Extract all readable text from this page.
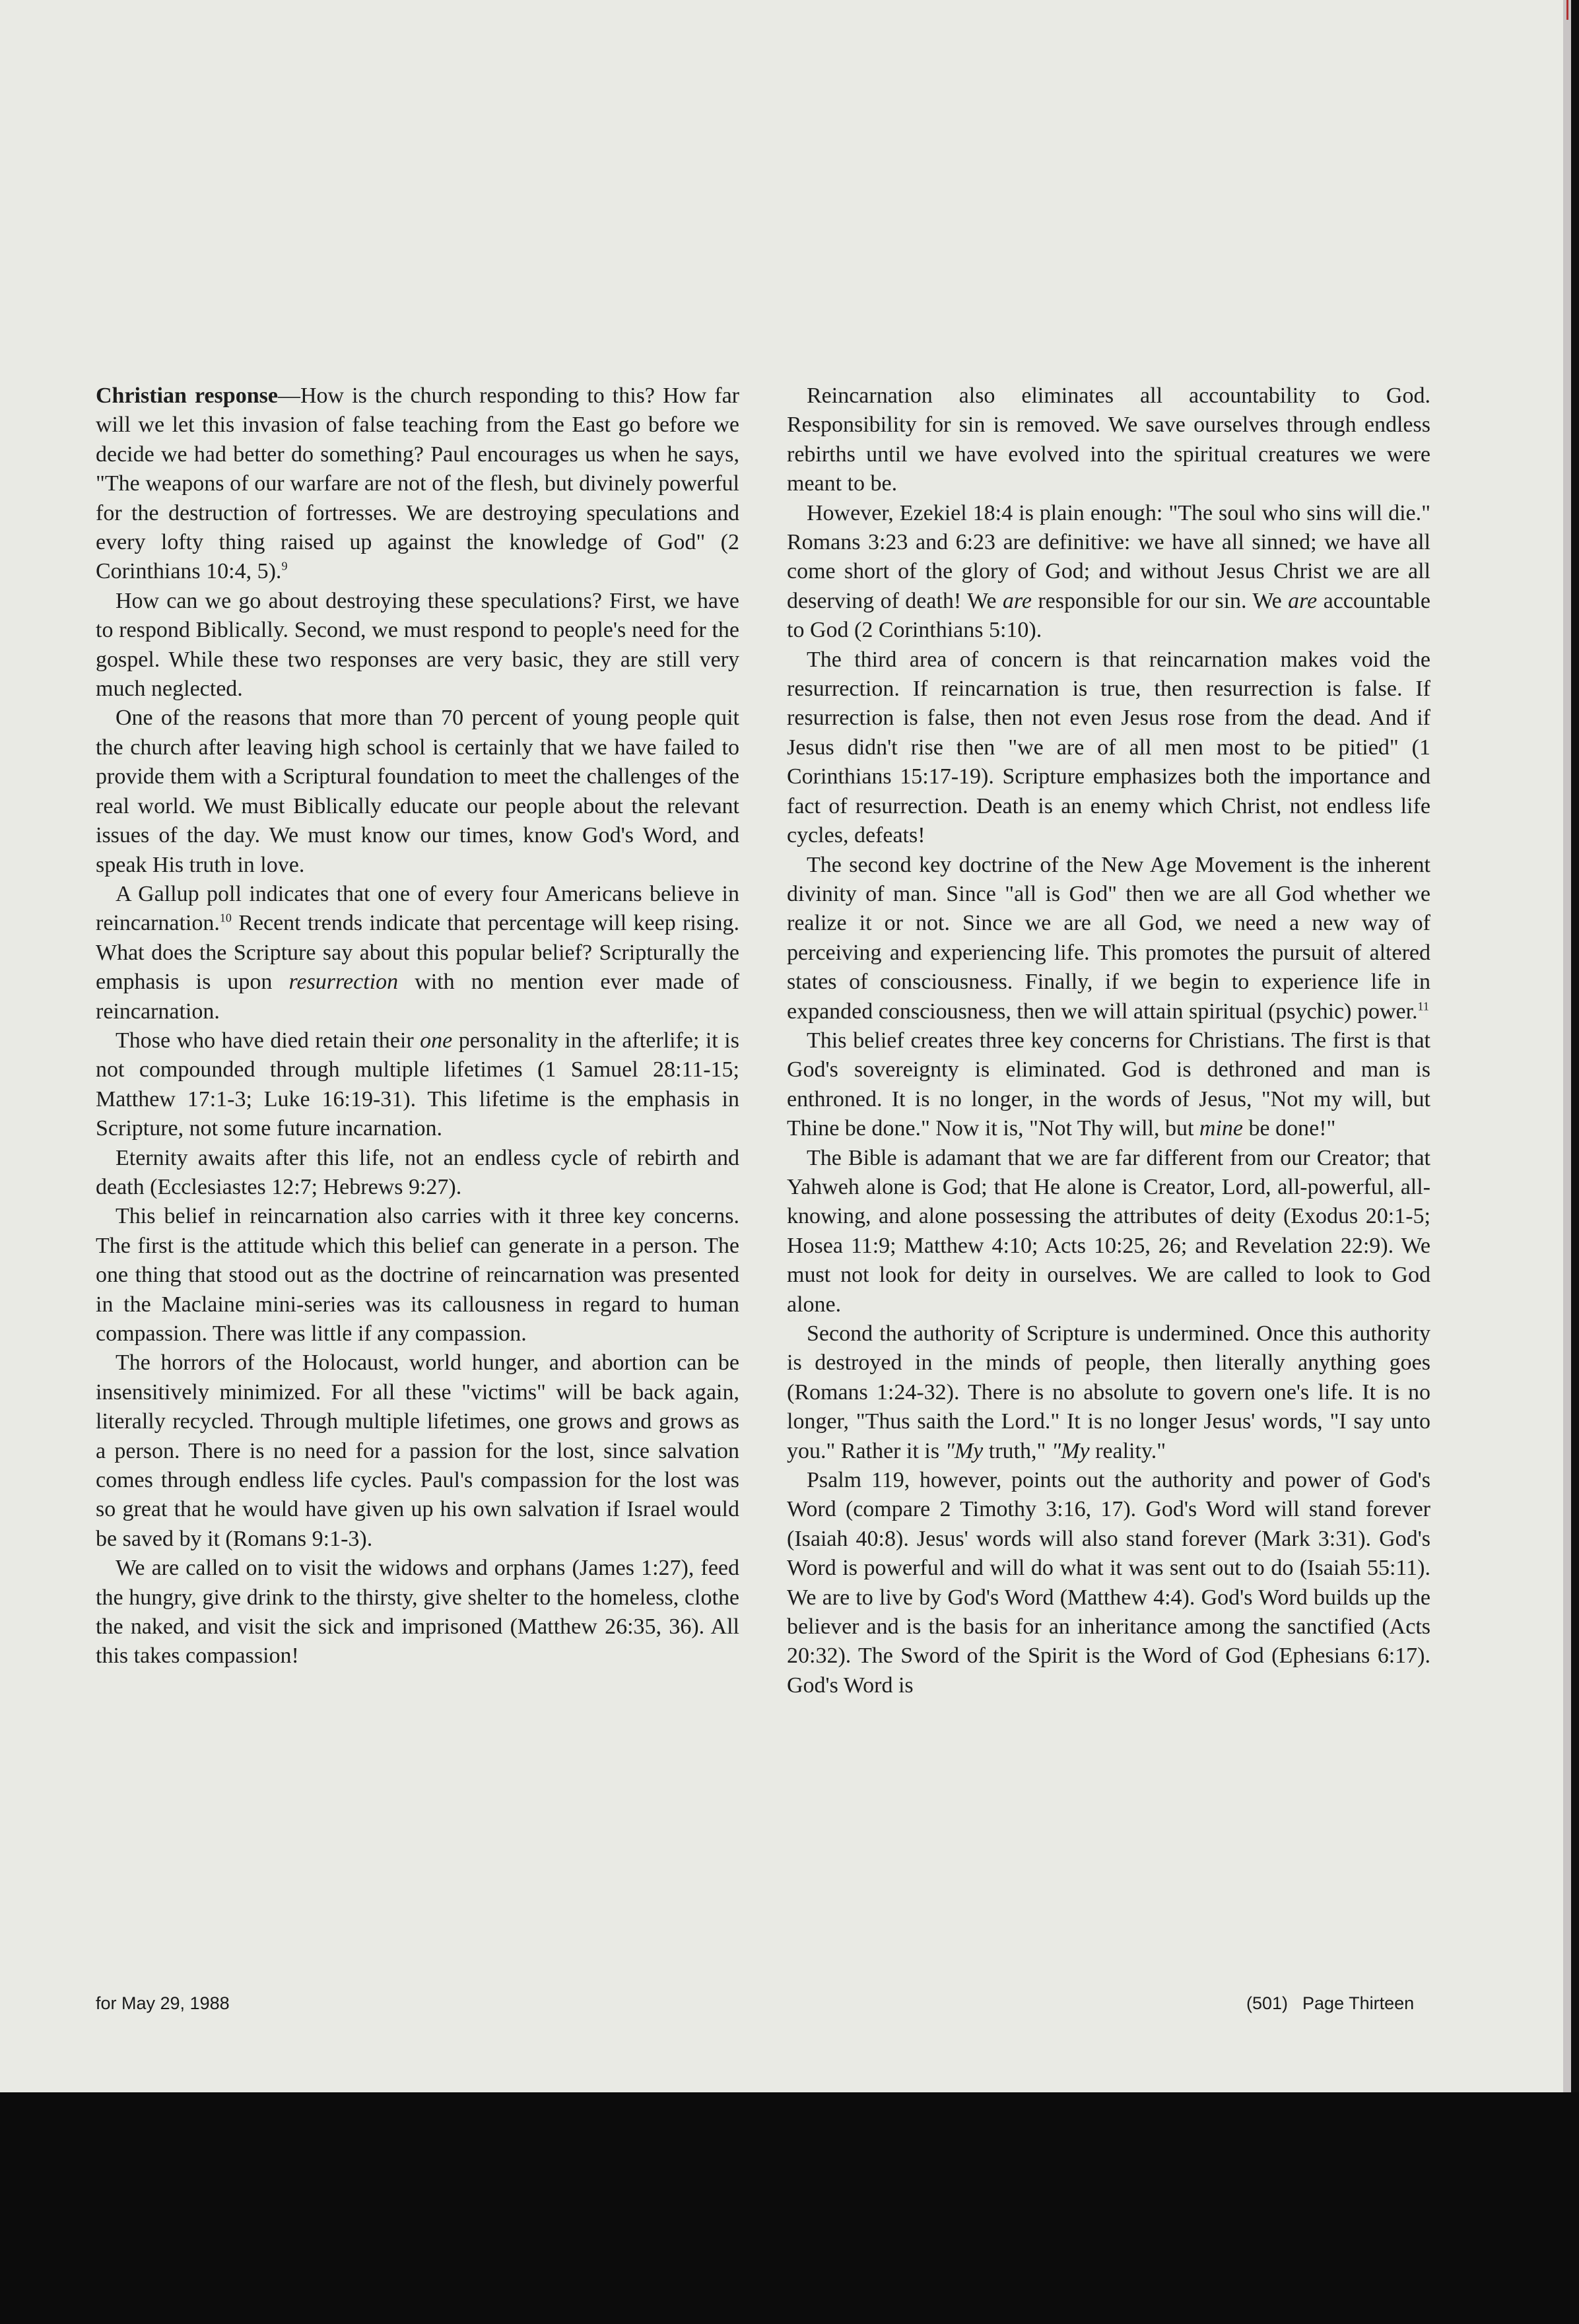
Christian response—How is the church responding to this? How far will we let this invasion of false teaching from the East go before we decide we had better do something? Paul encourages us when he says, "The weapons of our warfare are not of the flesh, but divinely powerful for the destruction of fortresses. We are destroying speculations and every lofty thing raised up against the knowledge of God" (2 Corinthians 10:4, 5).$^9$

How can we go about destroying these speculations? First, we have to respond Biblically. Second, we must respond to people's need for the gospel. While these two responses are very basic, they are still very much neglected.

One of the reasons that more than 70 percent of young people quit the church after leaving high school is certainly that we have failed to provide them with a Scriptural foundation to meet the challenges of the real world. We must Biblically educate our people about the relevant issues of the day. We must know our times, know God's Word, and speak His truth in love.

A Gallup poll indicates that one of every four Americans believe in reincarnation.$^{10}$ Recent trends indicate that percentage will keep rising. What does the Scripture say about this popular belief? Scripturally the emphasis is upon resurrection with no mention ever made of reincarnation.

Those who have died retain their one personality in the afterlife; it is not compounded through multiple lifetimes (1 Samuel 28:11-15; Matthew 17:1-3; Luke 16:19-31). This lifetime is the emphasis in Scripture, not some future incarnation.

Eternity awaits after this life, not an endless cycle of rebirth and death (Ecclesiastes 12:7; Hebrews 9:27).

This belief in reincarnation also carries with it three key concerns. The first is the attitude which this belief can generate in a person. The one thing that stood out as the doctrine of reincarnation was presented in the Maclaine mini-series was its callousness in regard to human compassion. There was little if any compassion.

The horrors of the Holocaust, world hunger, and abortion can be insensitively minimized. For all these "victims" will be back again, literally recycled. Through multiple lifetimes, one grows and grows as a person. There is no need for a passion for the lost, since salvation comes through endless life cycles. Paul's compassion for the lost was so great that he would have given up his own salvation if Israel would be saved by it (Romans 9:1-3).

We are called on to visit the widows and orphans (James 1:27), feed the hungry, give drink to the thirsty, give shelter to the homeless, clothe the naked, and visit the sick and imprisoned (Matthew 26:35, 36). All this takes compassion!

Reincarnation also eliminates all accountability to God. Responsibility for sin is removed. We save ourselves through endless rebirths until we have evolved into the spiritual creatures we were meant to be.

However, Ezekiel 18:4 is plain enough: "The soul who sins will die." Romans 3:23 and 6:23 are definitive: we have all sinned; we have all come short of the glory of God; and without Jesus Christ we are all deserving of death! We are responsible for our sin. We are accountable to God (2 Corinthians 5:10).

The third area of concern is that reincarnation makes void the resurrection. If reincarnation is true, then resurrection is false. If resurrection is false, then not even Jesus rose from the dead. And if Jesus didn't rise then "we are of all men most to be pitied" (1 Corinthians 15:17-19). Scripture emphasizes both the importance and fact of resurrection. Death is an enemy which Christ, not endless life cycles, defeats!

The second key doctrine of the New Age Movement is the inherent divinity of man. Since "all is God" then we are all God whether we realize it or not. Since we are all God, we need a new way of perceiving and experiencing life. This promotes the pursuit of altered states of consciousness. Finally, if we begin to experience life in expanded consciousness, then we will attain spiritual (psychic) power.$^{11}$

This belief creates three key concerns for Christians. The first is that God's sovereignty is eliminated. God is dethroned and man is enthroned. It is no longer, in the words of Jesus, "Not my will, but Thine be done." Now it is, "Not Thy will, but mine be done!"

The Bible is adamant that we are far different from our Creator; that Yahweh alone is God; that He alone is Creator, Lord, all-powerful, all-knowing, and alone possessing the attributes of deity (Exodus 20:1-5; Hosea 11:9; Matthew 4:10; Acts 10:25, 26; and Revelation 22:9). We must not look for deity in ourselves. We are called to look to God alone.

Second the authority of Scripture is undermined. Once this authority is destroyed in the minds of people, then literally anything goes (Romans 1:24-32). There is no absolute to govern one's life. It is no longer, "Thus saith the Lord." It is no longer Jesus' words, "I say unto you." Rather it is "My truth," "My reality."

Psalm 119, however, points out the authority and power of God's Word (compare 2 Timothy 3:16, 17). God's Word will stand forever (Isaiah 40:8). Jesus' words will also stand forever (Mark 3:31). God's Word is powerful and will do what it was sent out to do (Isaiah 55:11). We are to live by God's Word (Matthew 4:4). God's Word builds up the believer and is the basis for an inheritance among the sanctified (Acts 20:32). The Sword of the Spirit is the Word of God (Ephesians 6:17). God's Word is

for May 29, 1988	(501) Page Thirteen
